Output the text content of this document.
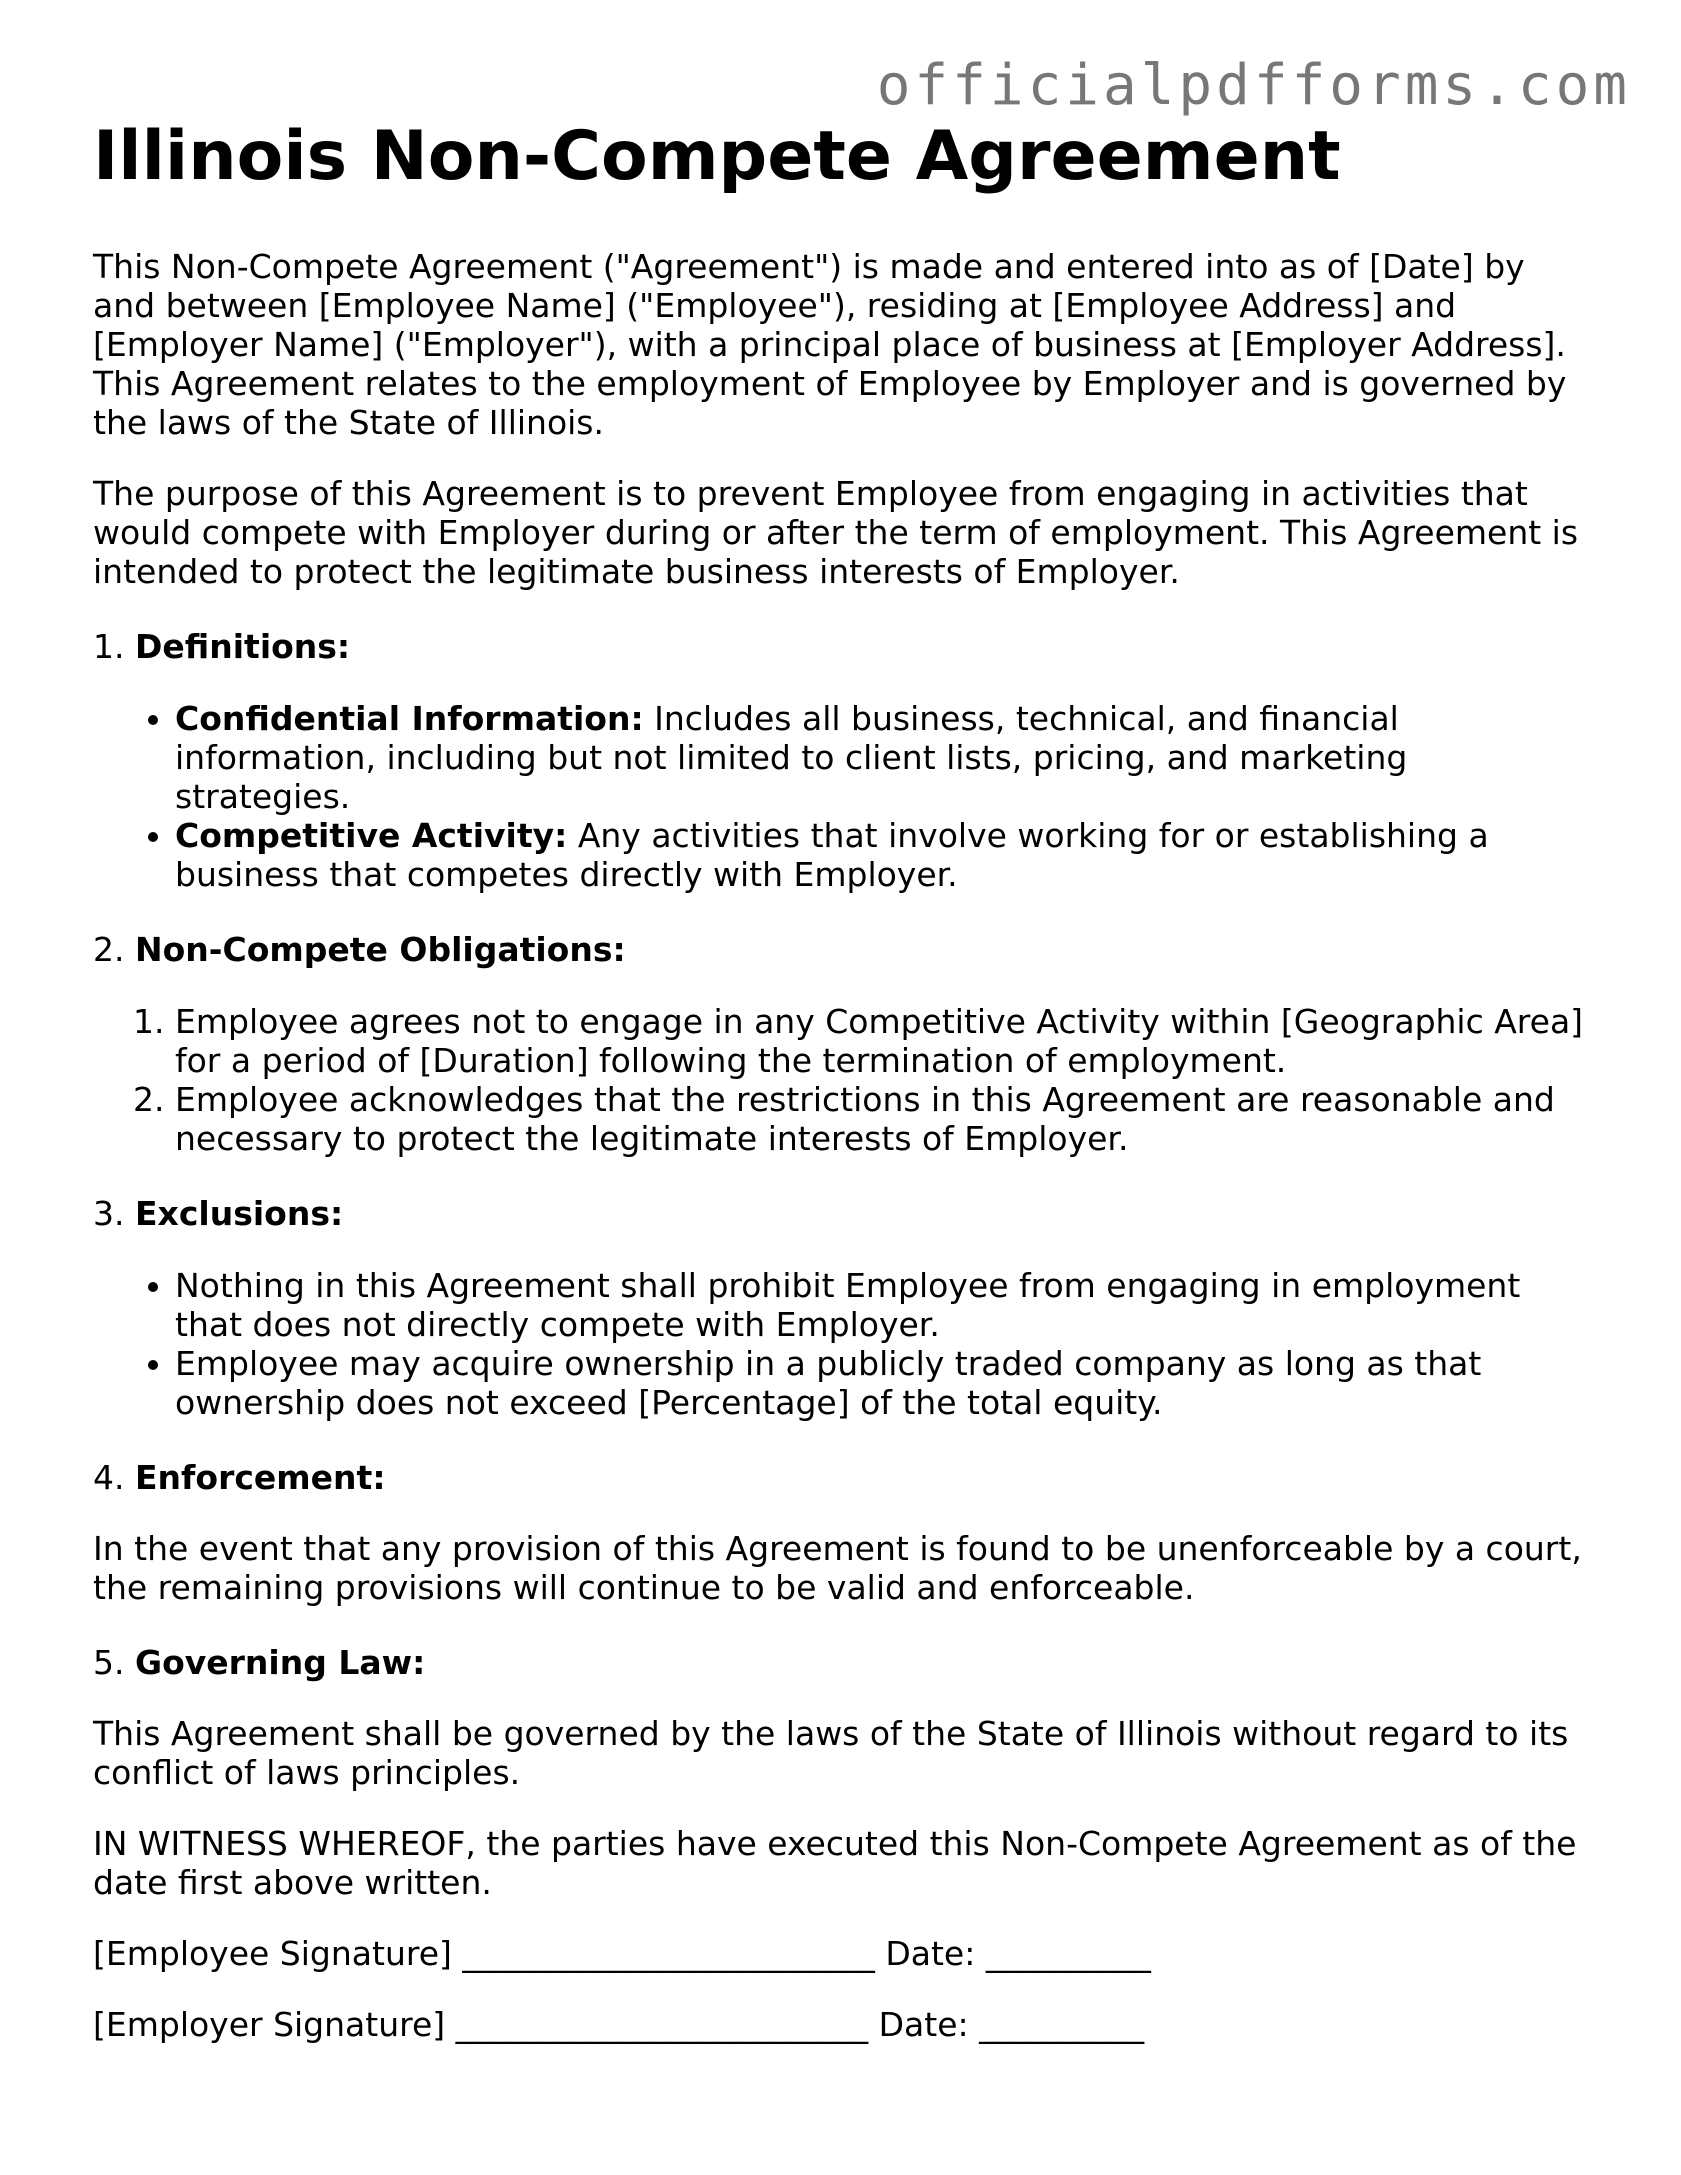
officialpdfforms.com
Illinois Non-Compete Agreement

This Non-Compete Agreement ("Agreement") is made and entered into as of [Date] by and between [Employee Name] ("Employee"), residing at [Employee Address] and [Employer Name] ("Employer"), with a principal place of business at [Employer Address]. This Agreement relates to the employment of Employee by Employer and is governed by the laws of the State of Illinois.

The purpose of this Agreement is to prevent Employee from engaging in activities that would compete with Employer during or after the term of employment. This Agreement is intended to protect the legitimate business interests of Employer.

1. Definitions:
• Confidential Information: Includes all business, technical, and financial information, including but not limited to client lists, pricing, and marketing strategies.
• Competitive Activity: Any activities that involve working for or establishing a business that competes directly with Employer.
2. Non-Compete Obligations:
1. Employee agrees not to engage in any Competitive Activity within [Geographic Area] for a period of [Duration] following the termination of employment.
2. Employee acknowledges that the restrictions in this Agreement are reasonable and necessary to protect the legitimate interests of Employer.
3. Exclusions:
• Nothing in this Agreement shall prohibit Employee from engaging in employment that does not directly compete with Employer.
• Employee may acquire ownership in a publicly traded company as long as that ownership does not exceed [Percentage] of the total equity.
4. Enforcement:

In the event that any provision of this Agreement is found to be unenforceable by a court, the remaining provisions will continue to be valid and enforceable.

5. Governing Law:

This Agreement shall be governed by the laws of the State of Illinois without regard to its conflict of laws principles.

IN WITNESS WHEREOF, the parties have executed this Non-Compete Agreement as of the date first above written.

[Employee Signature] _________________________ Date: __________

[Employer Signature] _________________________ Date: __________
